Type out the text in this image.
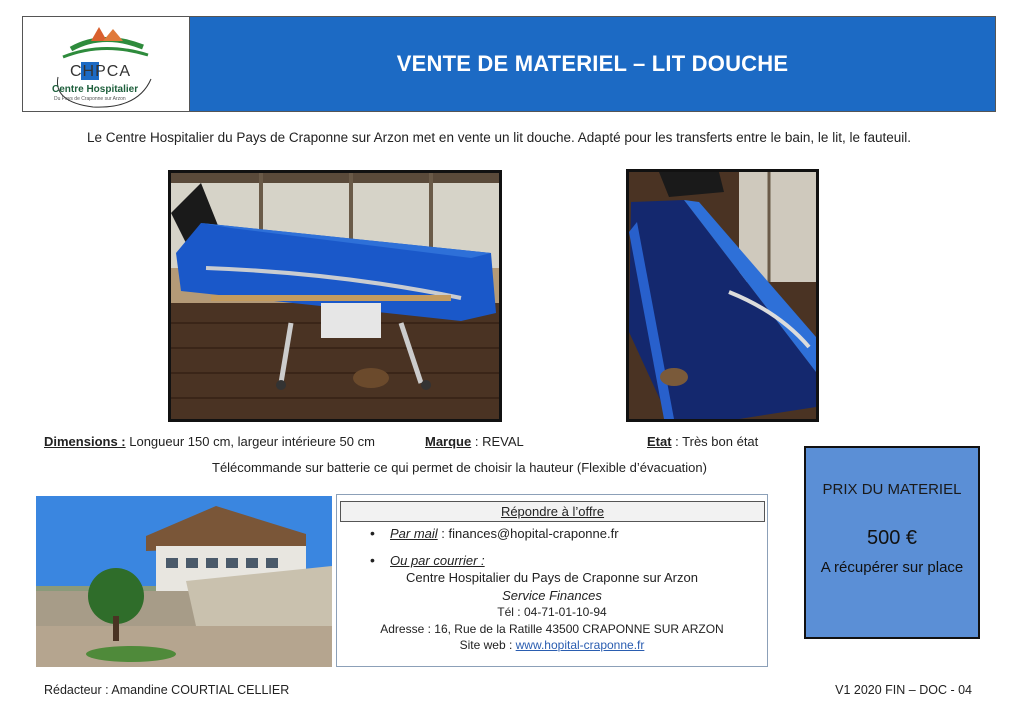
CHPCA
Centre Hospitalier
Du Pays de Craponne sur Arzon
VENTE DE MATERIEL – LIT DOUCHE
Le Centre Hospitalier du Pays de Craponne sur Arzon met en vente un lit douche. Adapté pour les transferts entre le bain, le lit, le fauteuil.
Dimensions : Longueur 150 cm, largeur intérieure 50 cm	Marque : REVAL	Etat : Très bon état
Télécommande sur batterie ce qui permet de choisir la hauteur (Flexible d’évacuation)
Répondre à l’offre
• Par mail : finances@hopital-craponne.fr
• Ou par courrier :
Centre Hospitalier du Pays de Craponne sur Arzon
Service Finances
Tél : 04-71-01-10-94
Adresse : 16, Rue de la Ratille 43500 CRAPONNE SUR ARZON
Site web : www.hopital-craponne.fr
PRIX DU MATERIEL
500 €
A récupérer sur place
Rédacteur : Amandine COURTIAL CELLIER	V1 2020 FIN – DOC - 04
